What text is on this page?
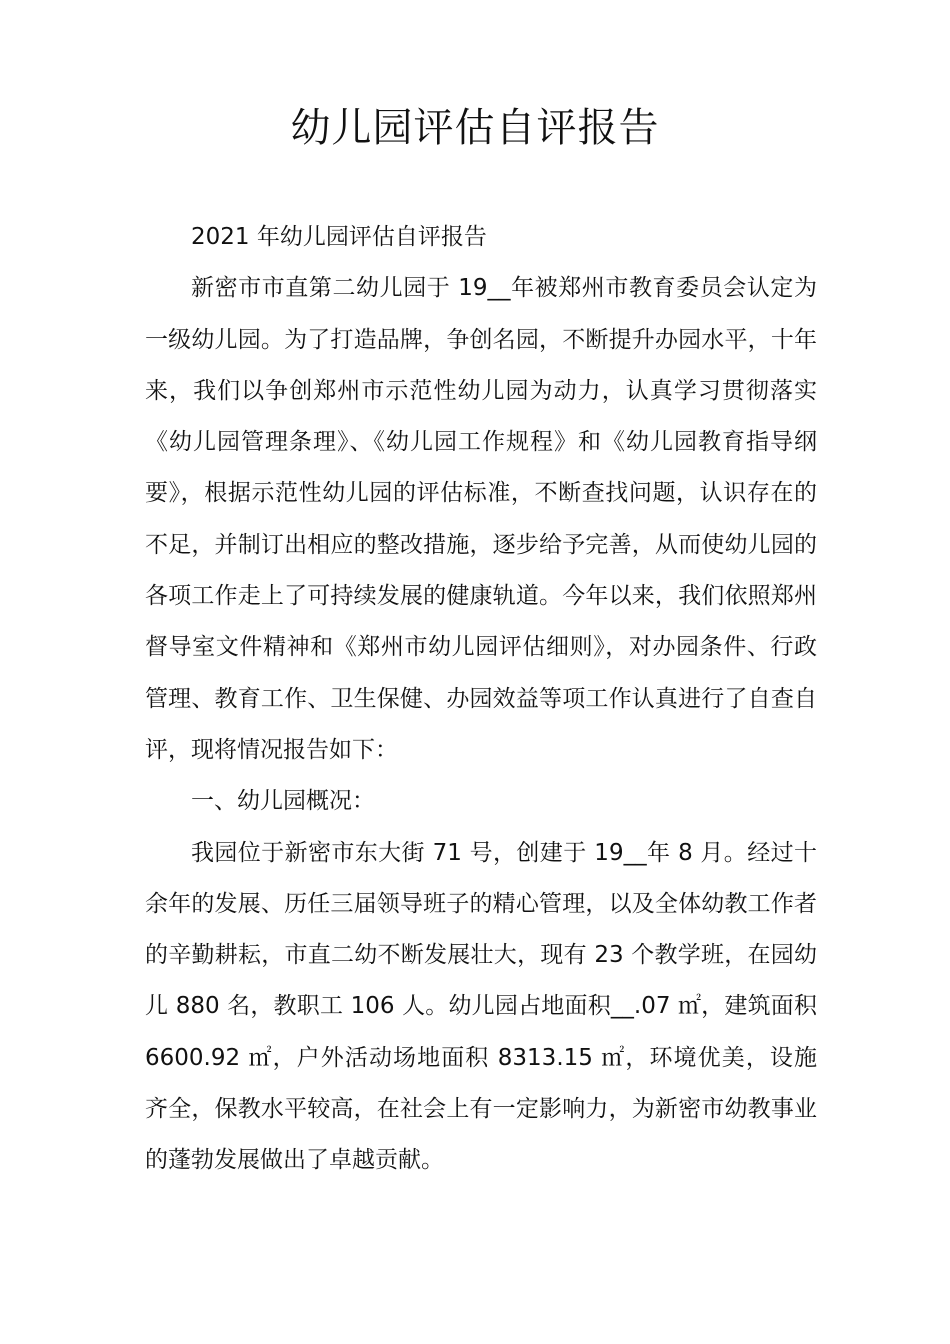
幼儿园评估自评报告

2021 年幼儿园评估自评报告

新密市市直第二幼儿园于 19__年被郑州市教育委员会认定为一级幼儿园。为了打造品牌，争创名园，不断提升办园水平，十年来，我们以争创郑州市示范性幼儿园为动力，认真学习贯彻落实《幼儿园管理条理》、《幼儿园工作规程》和《幼儿园教育指导纲要》，根据示范性幼儿园的评估标准，不断查找问题，认识存在的不足，并制订出相应的整改措施，逐步给予完善，从而使幼儿园的各项工作走上了可持续发展的健康轨道。今年以来，我们依照郑州督导室文件精神和《郑州市幼儿园评估细则》，对办园条件、行政管理、教育工作、卫生保健、办园效益等项工作认真进行了自查自评，现将情况报告如下：

一、幼儿园概况：

我园位于新密市东大街 71 号，创建于 19__年 8 月。经过十余年的发展、历任三届领导班子的精心管理，以及全体幼教工作者的辛勤耕耘，市直二幼不断发展壮大，现有 23 个教学班，在园幼儿 880 名，教职工 106 人。幼儿园占地面积__.07 ㎡，建筑面积 6600.92 ㎡，户外活动场地面积 8313.15 ㎡，环境优美，设施齐全，保教水平较高，在社会上有一定影响力，为新密市幼教事业的蓬勃发展做出了卓越贡献。
